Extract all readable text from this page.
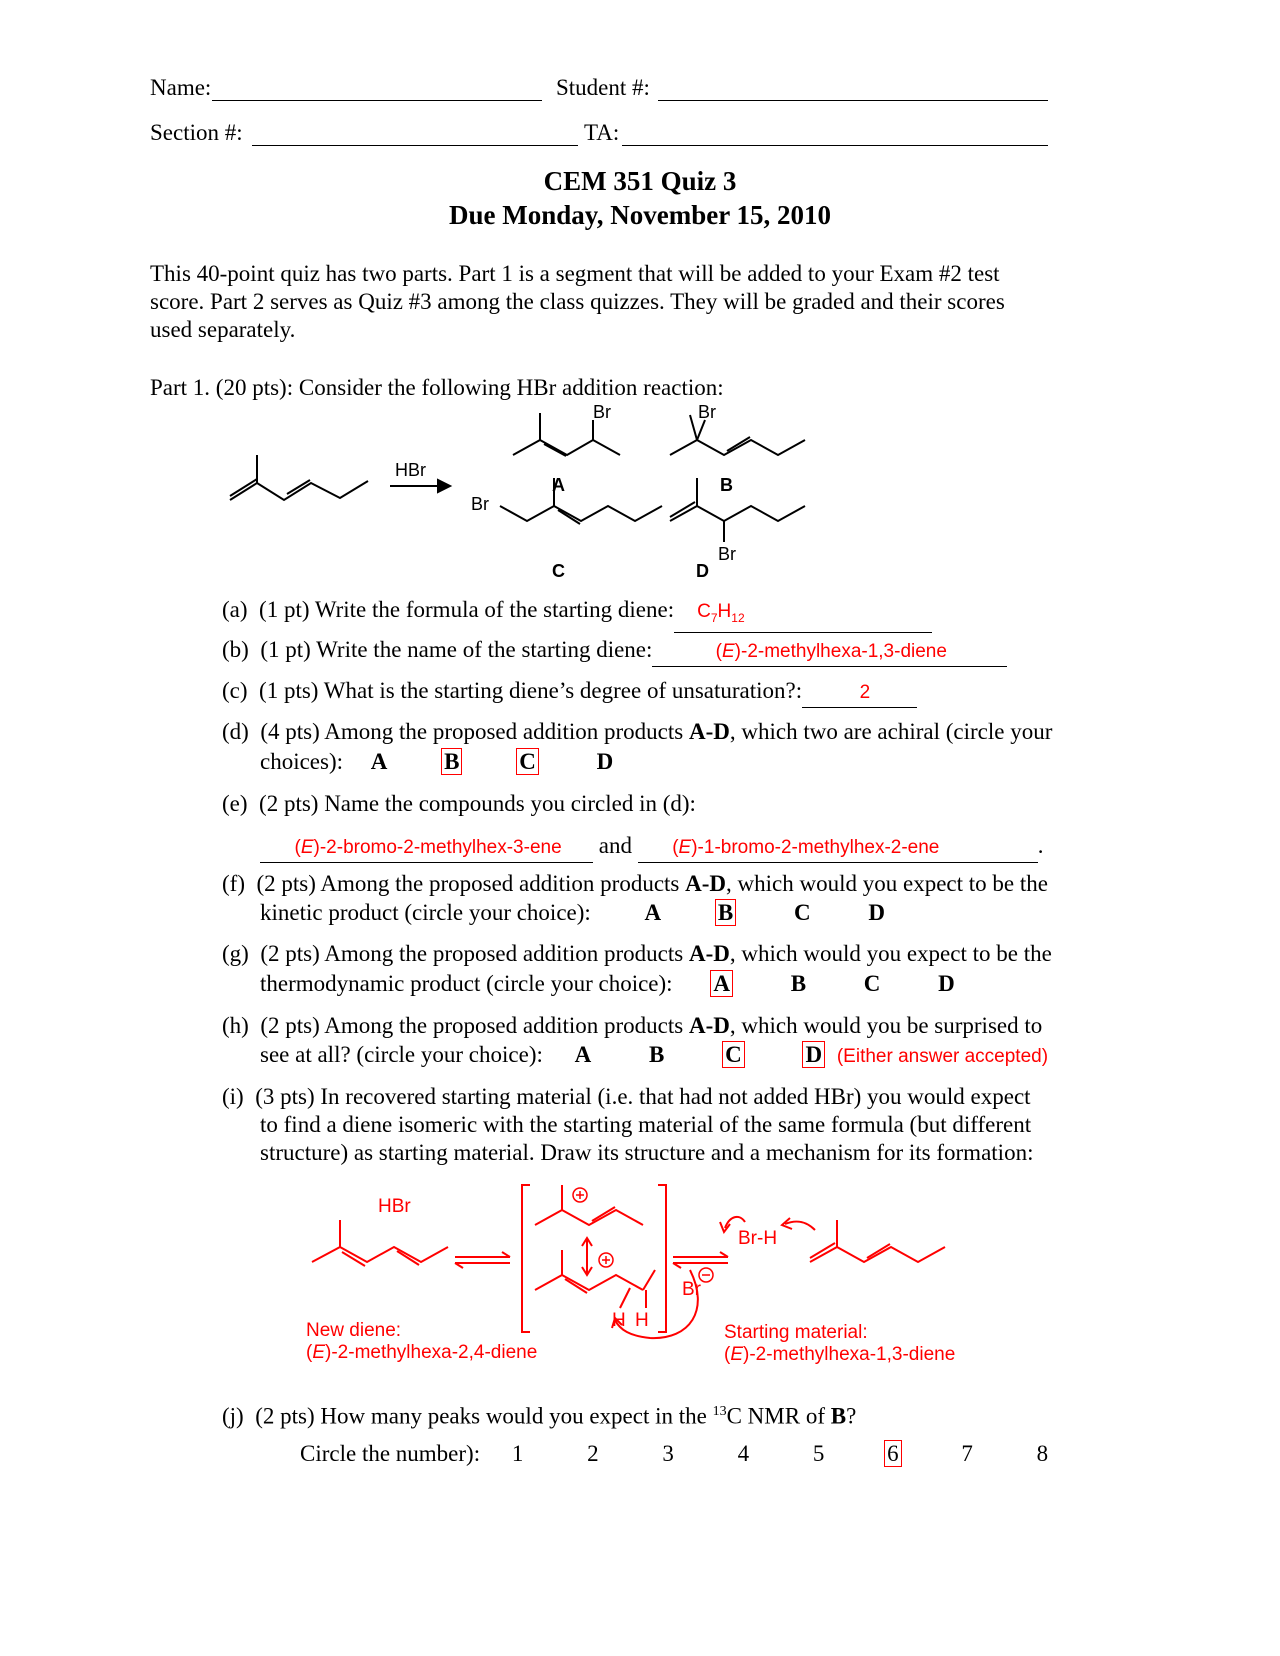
Name:	Student #:
Section #:	TA:
CEM 351 Quiz 3
Due Monday, November 15, 2010
This 40-point quiz has two parts. Part 1 is a segment that will be added to your Exam #2 test
score. Part 2 serves as Quiz #3 among the class quizzes. They will be graded and their scores
used separately.
Part 1. (20 pts): Consider the following HBr addition reaction:
HBr
Br	Br
Br
Br
A	B
C	D
(a) (1 pt) Write the formula of the starting diene: $C_7H_{12}$
(b) (1 pt) Write the name of the starting diene:	(E)-2-methylhexa-1,3-diene
(c) (1 pts) What is the starting diene’s degree of unsaturation?:	2
(d) (4 pts) Among the proposed addition products A-D, which two are achiral (circle your
choices): A B	C	D
(e) (2 pts) Name the compounds you circled in (d):
(E)-2-bromo-2-methylhex-3-ene and (E)-1-bromo-2-methylhex-2-ene	.
(f) (2 pts) Among the proposed addition products A-D, which would you expect to be the
kinetic product (circle your choice): A B	C	D
(g) (2 pts) Among the proposed addition products A-D, which would you expect to be the
thermodynamic product (circle your choice): A	B	C	D
(h) (2 pts) Among the proposed addition products A-D, which would you be surprised to
see at all? (circle your choice): A	B	C	D (Either answer accepted)
(i) (3 pts) In recovered starting material (i.e. that had not added HBr) you would expect
to find a diene isomeric with the starting material of the same formula (but different
structure) as starting material. Draw its structure and a mechanism for its formation:
HBr
Br-H
Br
H H
New diene:
(E)-2-methylhexa-2,4-diene
Starting material:
(E)-2-methylhexa-1,3-diene
(j) (2 pts) How many peaks would you expect in the $^{13}$C NMR of B?
Circle the number): 1	2	3	4	5	6	7	8
